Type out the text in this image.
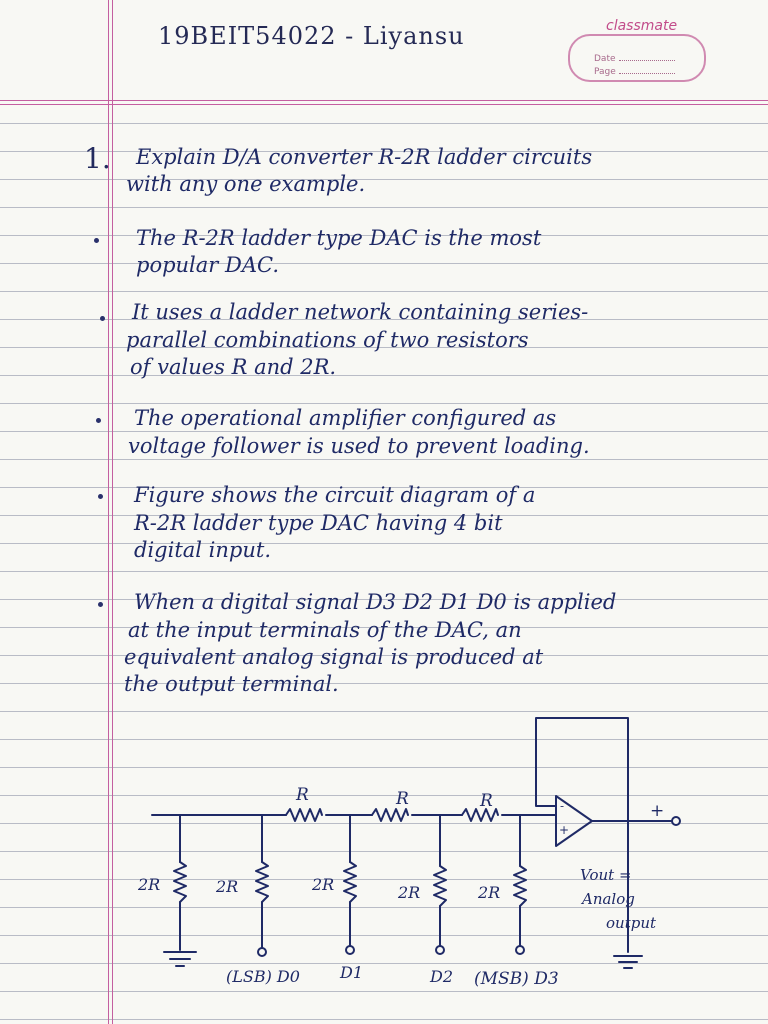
19BEIT54022 - Liyansu	classmate
Date
Page
1. Explain D/A converter R-2R ladder circuits
with any one example.
The R-2R ladder type DAC is the most
popular DAC.
It uses a ladder network containing series-
parallel combinations of two resistors
of values R and 2R.
The operational amplifier configured as
voltage follower is used to prevent loading.
Figure shows the circuit diagram of a
R-2R ladder type DAC having 4 bit
digital input.
When a digital signal D3 D2 D1 D0 is applied
at the input terminals of the DAC, an
equivalent analog signal is produced at
the output terminal.
R	R	R
2R	2R	2R	2R	2R
-
+
+
Vout =
Analog
output
(LSB) D0	D1	D2 (MSB) D3
